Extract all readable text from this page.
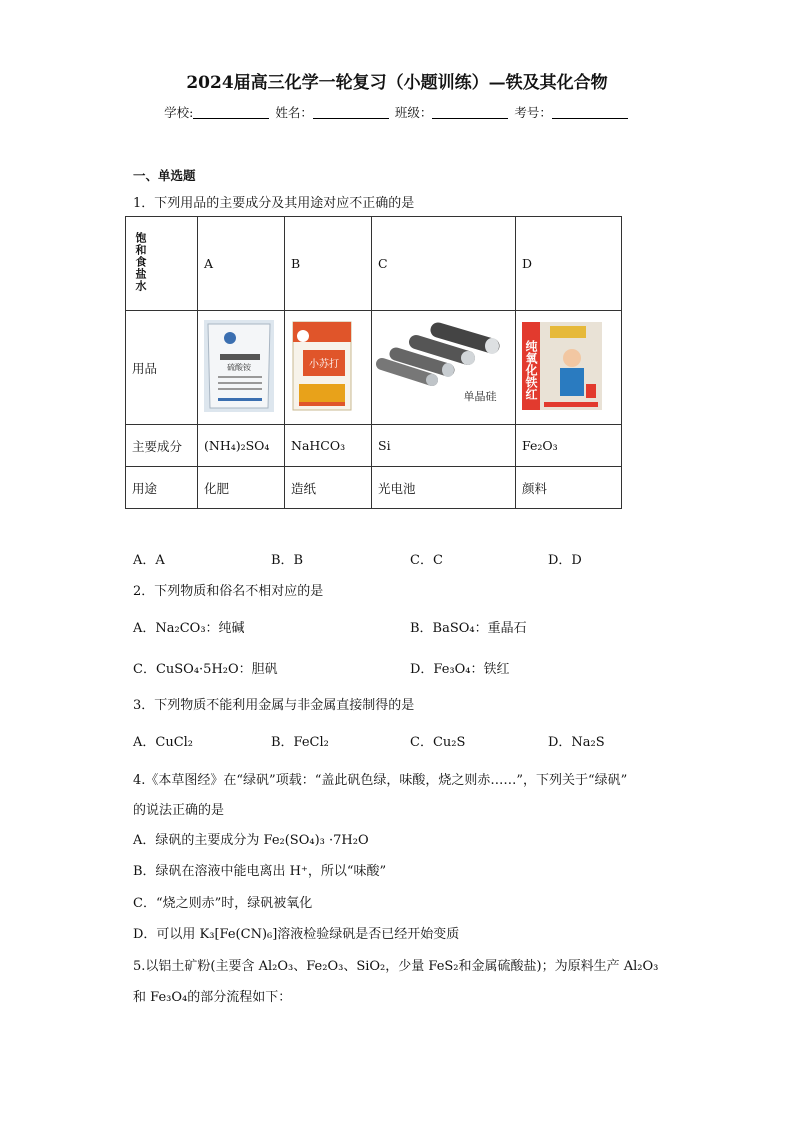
2024届高三化学一轮复习（小题训练）—铁及其化合物
学校:	姓名：	班级：	考号：
一、单选题
1．下列用品的主要成分及其用途对应不正确的是
饱和食盐水	A	B	C	D
用品	硫酸铵	小苏打	单晶硅	纯氧化铁红

主要成分	(NH₄)₂SO₄	NaHCO₃	Si	Fe₂O₃
用途	化肥	造纸	光电池	颜料
A．A	B．B	C．C	D．D
2．下列物质和俗名不相对应的是
A．Na₂CO₃：纯碱	B．BaSO₄：重晶石
C．CuSO₄·5H₂O：胆矾	D．Fe₃O₄：铁红
3．下列物质不能利用金属与非金属直接制得的是
A．CuCl₂	B．FeCl₂	C．Cu₂S	D．Na₂S
4.《本草图经》在“绿矾”项载：“盖此矾色绿，味酸，烧之则赤……”，下列关于“绿矾”
的说法正确的是
A．绿矾的主要成分为 Fe₂(SO₄)₃ ·7H₂O
B．绿矾在溶液中能电离出 H⁺，所以“味酸”
C．“烧之则赤”时，绿矾被氧化
D．可以用 K₃[Fe(CN)₆]溶液检验绿矾是否已经开始变质
5.以铝土矿粉(主要含 Al₂O₃、Fe₂O₃、SiO₂，少量 FeS₂和金属硫酸盐)；为原料生产 Al₂O₃
和 Fe₃O₄的部分流程如下：
